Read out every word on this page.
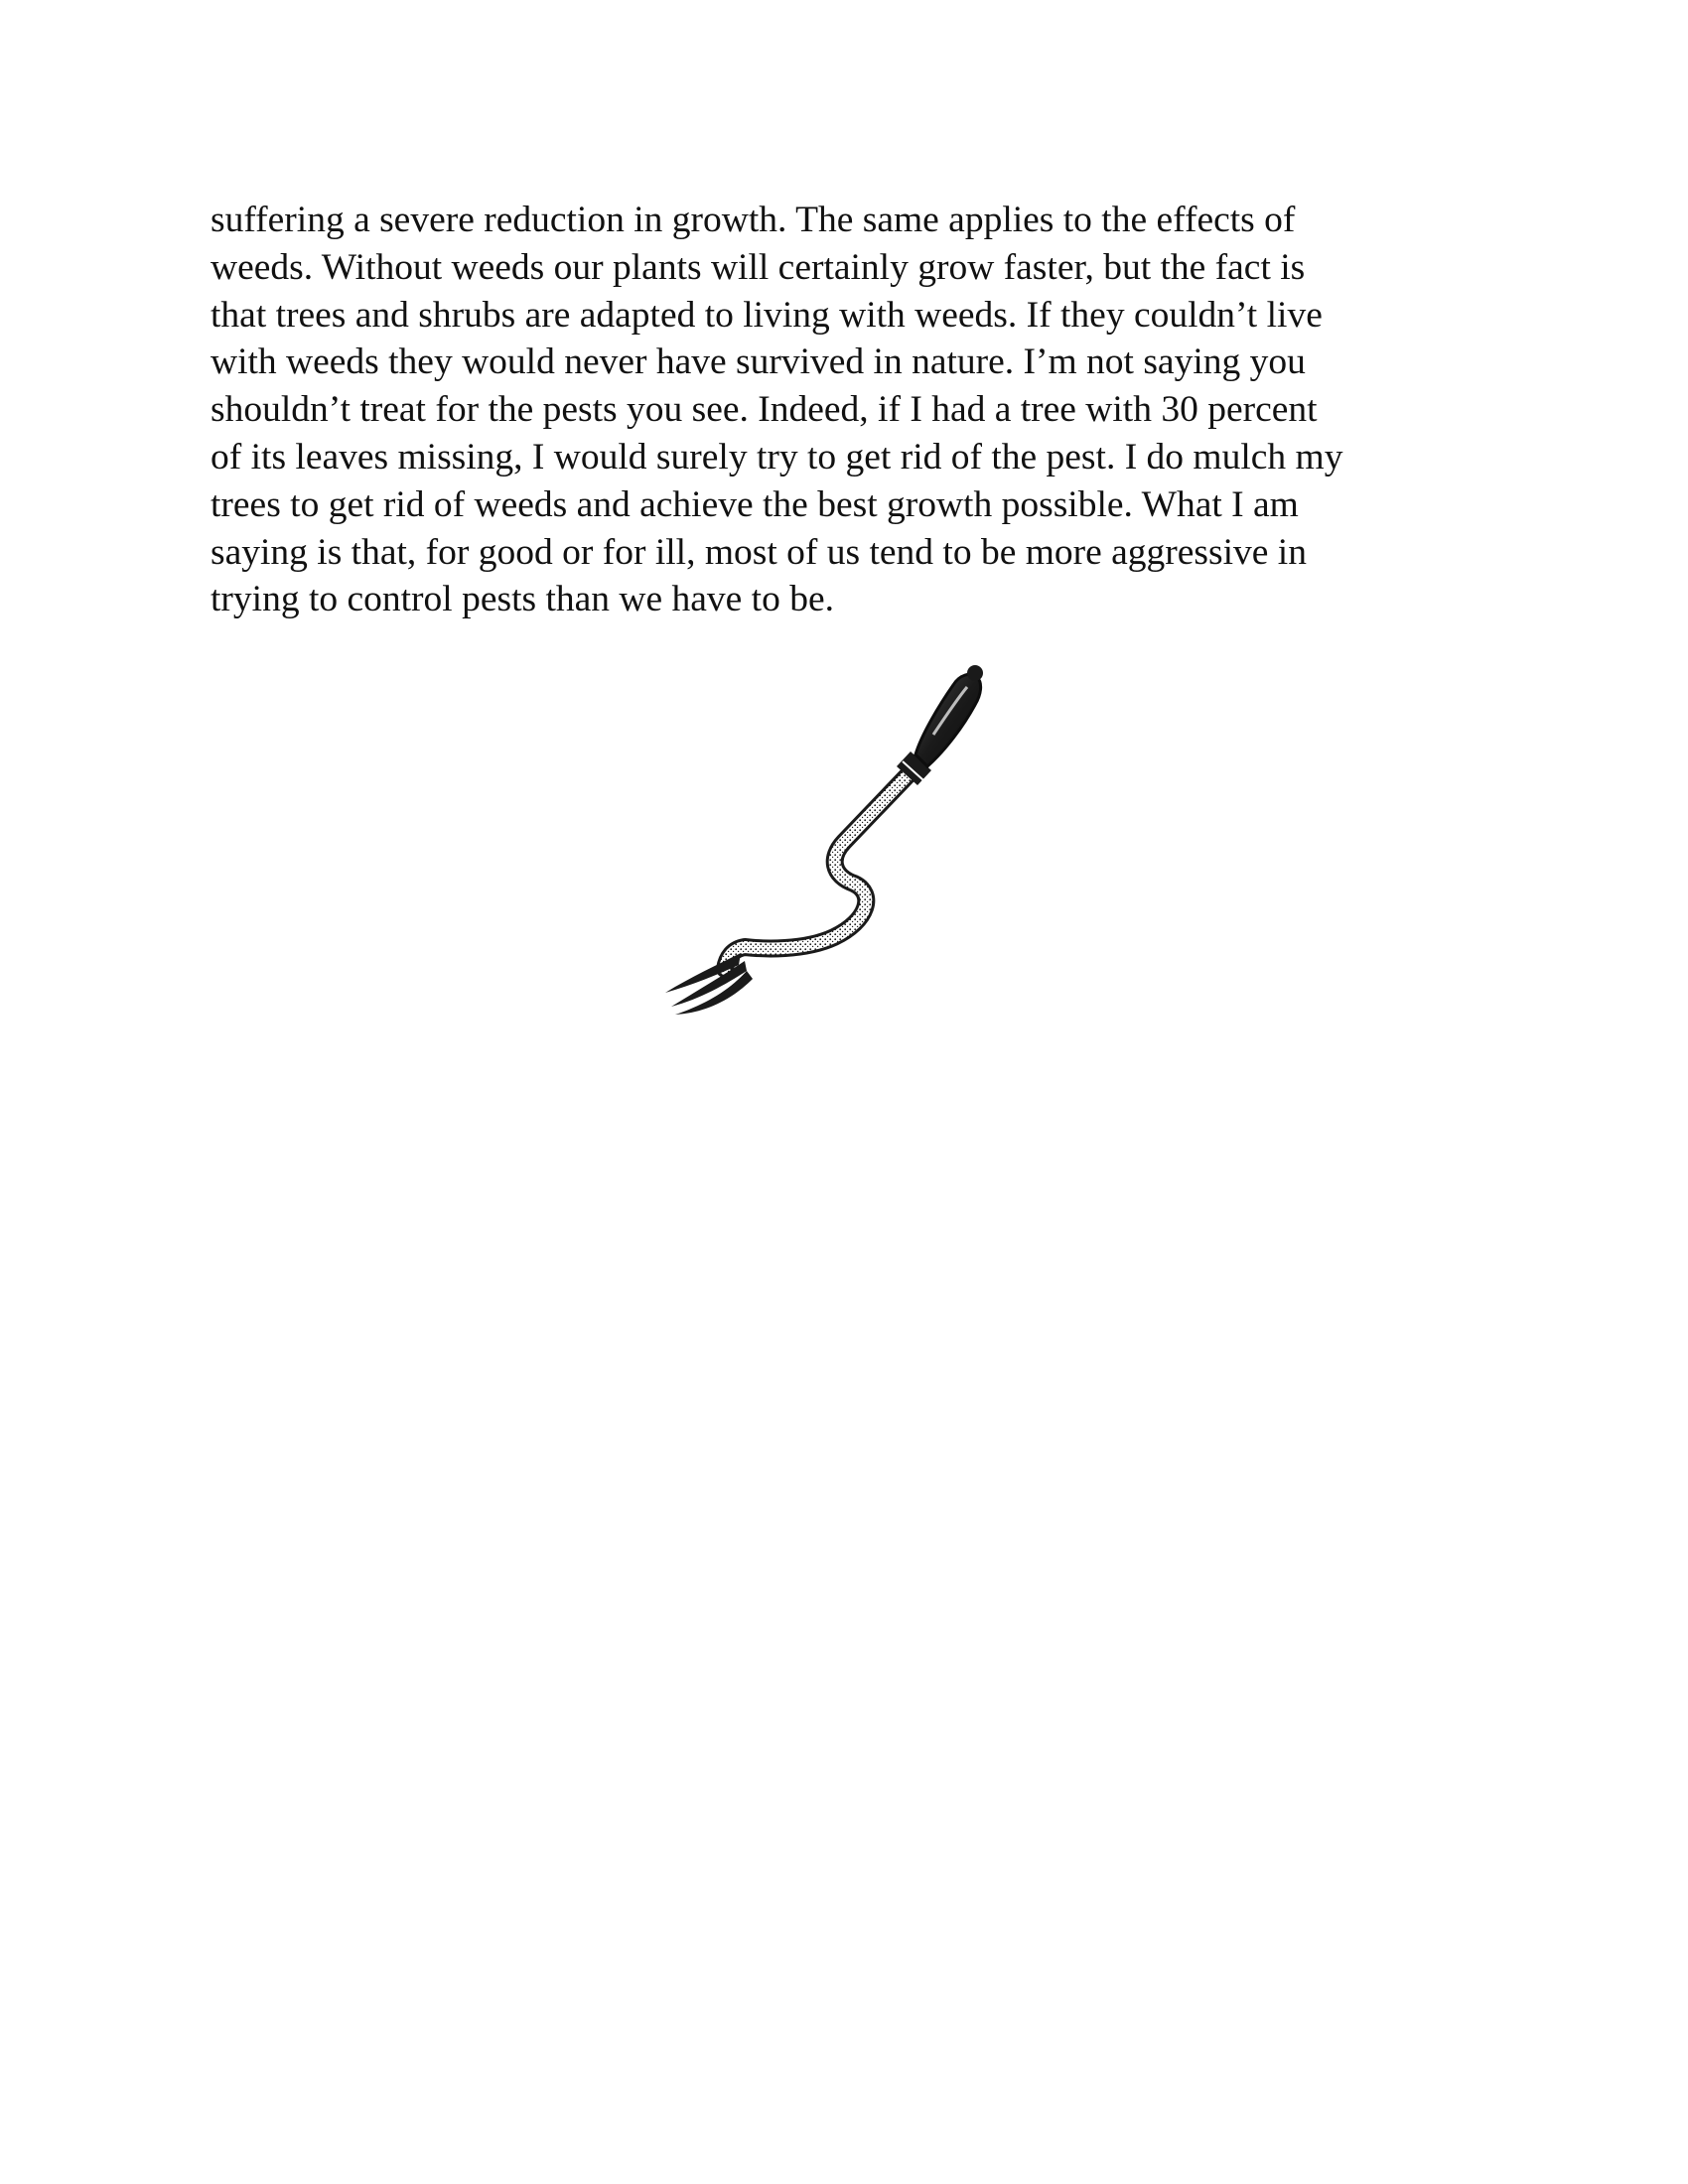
suffering a severe reduction in growth. The same applies to the effects of
weeds. Without weeds our plants will certainly grow faster, but the fact is
that trees and shrubs are adapted to living with weeds. If they couldn’t live
with weeds they would never have survived in nature. I’m not saying you
shouldn’t treat for the pests you see. Indeed, if I had a tree with 30 percent
of its leaves missing, I would surely try to get rid of the pest. I do mulch my
trees to get rid of weeds and achieve the best growth possible. What I am
saying is that, for good or for ill, most of us tend to be more aggressive in
trying to control pests than we have to be.
